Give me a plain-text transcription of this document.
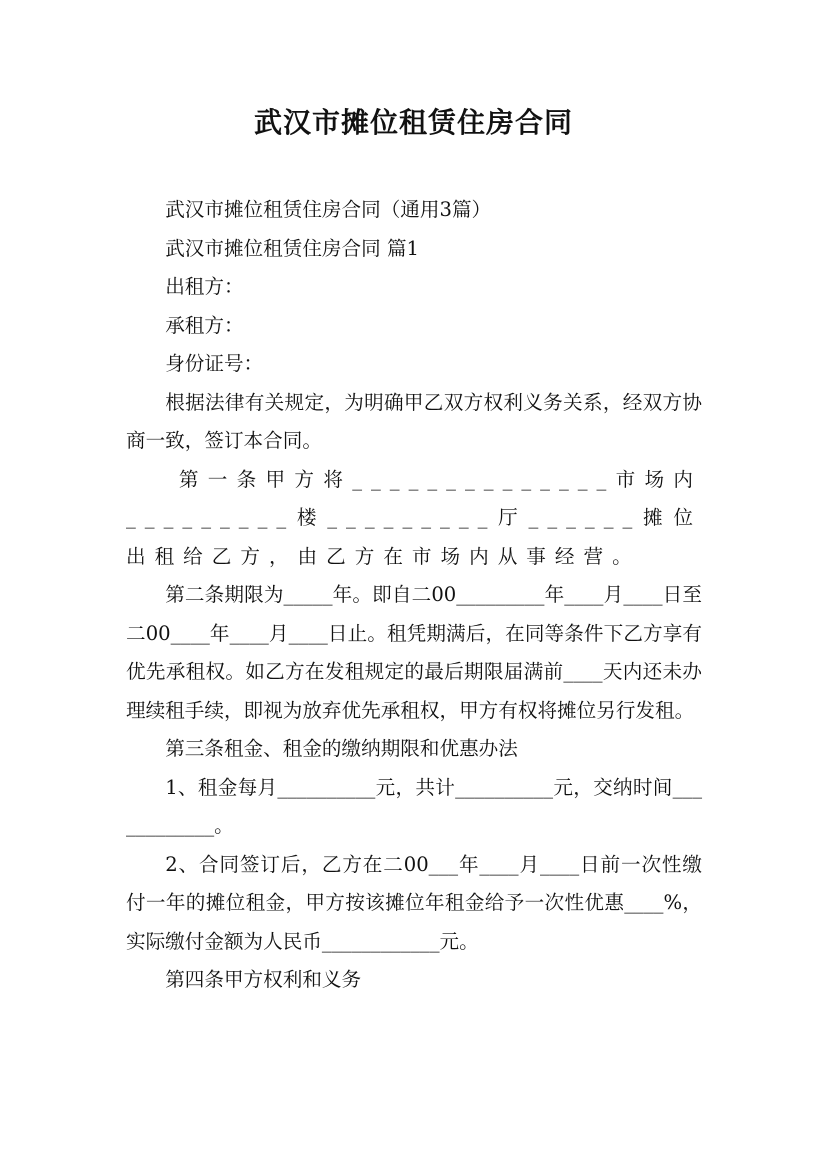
武汉市摊位租赁住房合同

武汉市摊位租赁住房合同（通用3篇）

武汉市摊位租赁住房合同 篇1

出租方：

承租方：

身份证号：

根据法律有关规定，为明确甲乙双方权利义务关系，经双方协商一致，签订本合同。

第一条甲方将______________市场内_________楼_________厅______摊位出租给乙方，由乙方在市场内从事经营。

第二条期限为_____年。即自二00_________年____月____日至二00____年____月____日止。租凭期满后，在同等条件下乙方享有优先承租权。如乙方在发租规定的最后期限届满前____天内还未办理续租手续，即视为放弃优先承租权，甲方有权将摊位另行发租。

第三条租金、租金的缴纳期限和优惠办法

1、租金每月__________元，共计__________元，交纳时间____________。

2、合同签订后，乙方在二00___年____月____日前一次性缴付一年的摊位租金，甲方按该摊位年租金给予一次性优惠____%，实际缴付金额为人民币____________元。

第四条甲方权利和义务
